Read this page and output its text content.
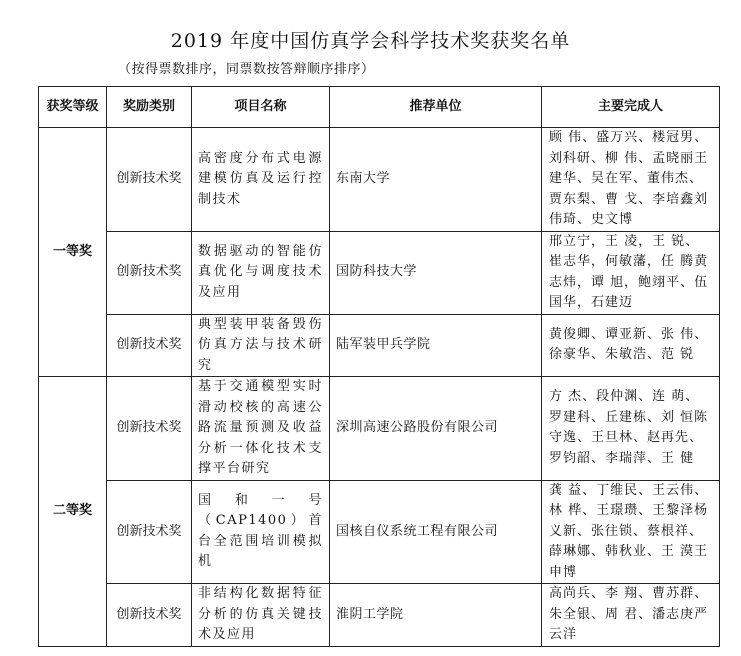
2019 年度中国仿真学会科学技术奖获奖名单
（按得票数排序，同票数按答辩顺序排序）
获奖等级	奖励类别	项目名称	推荐单位	主要完成人
一等奖	创新技术奖	高密度分布式电源建模仿真及运行控制技术	东南大学	顾 伟、盛万兴、楼冠男、刘科研、柳 伟、孟晓丽王建华、吴在军、董伟杰、贾东梨、曹 戈、李培鑫刘伟琦、史文博
	创新技术奖	数据驱动的智能仿真优化与调度技术及应用	国防科技大学	邢立宁，王 凌，王 锐、崔志华，何敏藩，任 腾黄志炜，谭 旭，鲍翊平、伍国华，石建迈
	创新技术奖	典型装甲装备毁伤仿真方法与技术研究	陆军装甲兵学院	黄俊卿、谭亚新、张 伟、徐豪华、朱敏浩、范 锐
二等奖	创新技术奖	基于交通模型实时滑动校核的高速公路流量预测及收益分析一体化技术支撑平台研究	深圳高速公路股份有限公司	方 杰、段仲渊、连 萌、罗建科、丘建栋、刘 恒陈守逸、王旦林、赵再先、罗钧韶、李瑞萍、王 健
	创新技术奖	国和一号（CAP1400）首台全范围培训模拟机	国核自仪系统工程有限公司	龚 益、丁维民、王云伟、林 桦、王璟瓒、王黎泽杨义新、张往锁、蔡根祥、薛琳娜、韩秋业、王 漠王申博
	创新技术奖	非结构化数据特征分析的仿真关键技术及应用	淮阴工学院	高尚兵、李 翔、曹苏群、朱全银、周 君、潘志庚严云洋
